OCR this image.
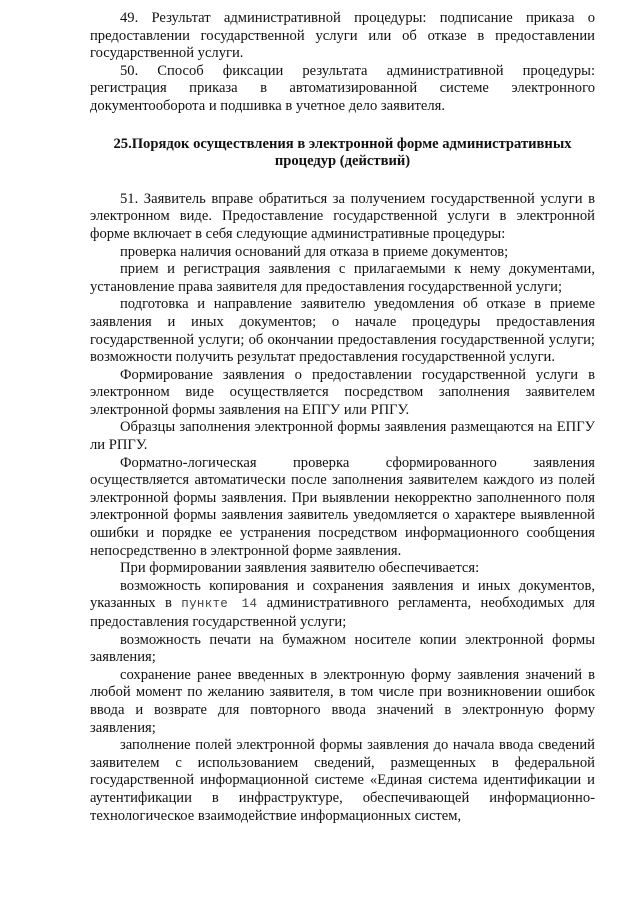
49. Результат административной процедуры: подписание приказа о предоставлении государственной услуги или об отказе в предоставлении государственной услуги.

50. Способ фиксации результата административной процедуры: регистрация приказа в автоматизированной системе электронного документооборота и подшивка в учетное дело заявителя.

25.Порядок осуществления в электронной форме административных
процедур (действий)

51. Заявитель вправе обратиться за получением государственной услуги в электронном виде. Предоставление государственной услуги в электронной форме включает в себя следующие административные процедуры:

проверка наличия оснований для отказа в приеме документов;

прием и регистрация заявления с прилагаемыми к нему документами, установление права заявителя для предоставления государственной услуги;

подготовка и направление заявителю уведомления об отказе в приеме заявления и иных документов; о начале процедуры предоставления государственной услуги; об окончании предоставления государственной услуги; возможности получить результат предоставления государственной услуги.

Формирование заявления о предоставлении государственной услуги в электронном виде осуществляется посредством заполнения заявителем электронной формы заявления на ЕПГУ или РПГУ.

Образцы заполнения электронной формы заявления размещаются на ЕПГУ ли РПГУ.

Форматно-логическая проверка сформированного заявления осуществляется автоматически после заполнения заявителем каждого из полей электронной формы заявления. При выявлении некорректно заполненного поля электронной формы заявления заявитель уведомляется о характере выявленной ошибки и порядке ее устранения посредством информационного сообщения непосредственно в электронной форме заявления.

При формировании заявления заявителю обеспечивается:

возможность копирования и сохранения заявления и иных документов, указанных в пункте 14 административного регламента, необходимых для предоставления государственной услуги;

возможность печати на бумажном носителе копии электронной формы заявления;

сохранение ранее введенных в электронную форму заявления значений в любой момент по желанию заявителя, в том числе при возникновении ошибок ввода и возврате для повторного ввода значений в электронную форму заявления;

заполнение полей электронной формы заявления до начала ввода сведений заявителем с использованием сведений, размещенных в федеральной государственной информационной системе «Единая система идентификации и аутентификации в инфраструктуре, обеспечивающей информационно-технологическое взаимодействие информационных систем,
